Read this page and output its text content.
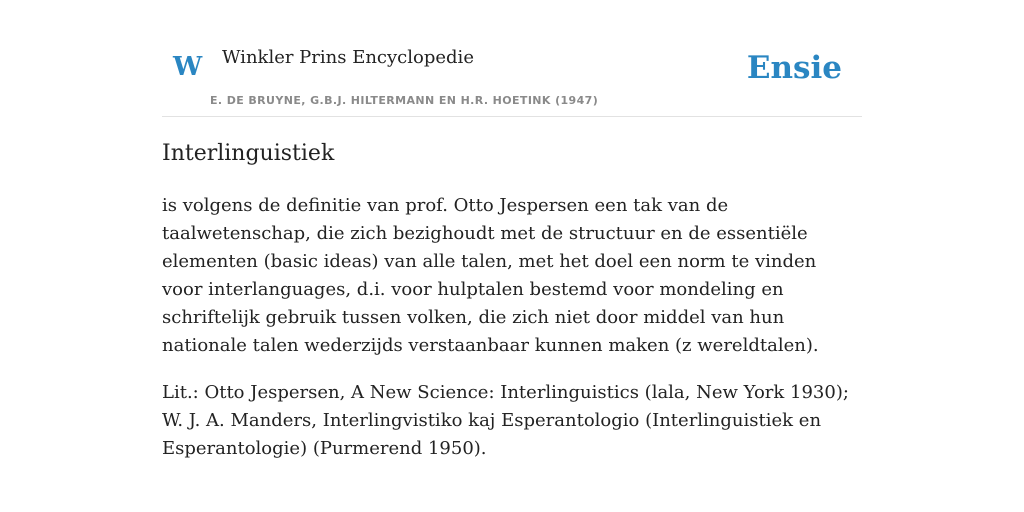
W Winkler Prins Encyclopedie
E. DE BRUYNE, G.B.J. HILTERMANN EN H.R. HOETINK (1947)
Ensie
Interlinguistiek

is volgens de definitie van prof. Otto Jespersen een tak van de taalwetenschap, die zich bezighoudt met de structuur en de essentiële elementen (basic ideas) van alle talen, met het doel een norm te vinden voor interlanguages, d.i. voor hulptalen bestemd voor mondeling en schriftelijk gebruik tussen volken, die zich niet door middel van hun nationale talen wederzijds verstaanbaar kunnen maken (z wereldtalen).

Lit.: Otto Jespersen, A New Science: Interlinguistics (lala, New York 1930); W. J. A. Manders, Interlingvistiko kaj Esperantologio (Interlinguistiek en Esperantologie) (Purmerend 1950).
